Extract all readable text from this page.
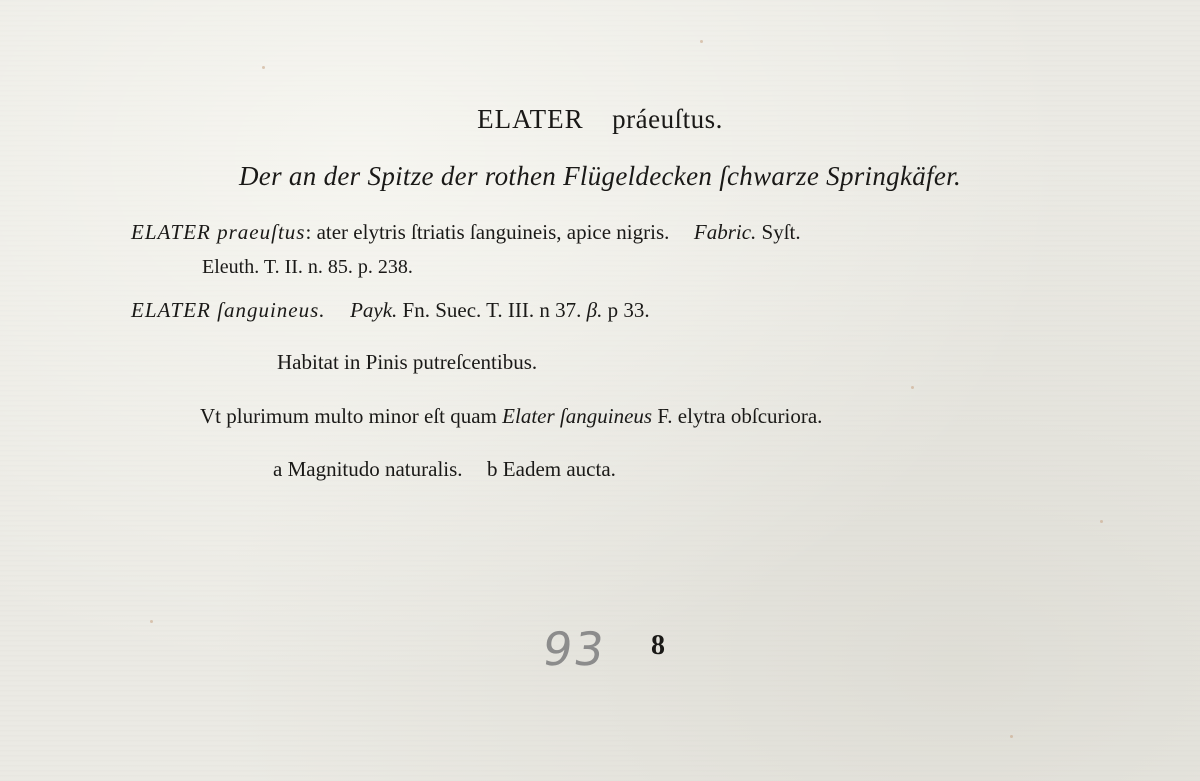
ELATER práeuſtus.
Der an der Spitze der rothen Flügeldecken ſchwarze Springkäfer.
ELATER praeuſtus: ater elytris ſtriatis ſanguineis, apice nigris. Fabric. Syſt.
Eleuth. T. II. n. 85. p. 238.
ELATER ſanguineus. Payk. Fn. Suec. T. III. n 37. β. p 33.
Habitat in Pinis putreſcentibus.
Vt plurimum multo minor eſt quam Elater ſanguineus F. elytra obſcuriora.
a Magnitudo naturalis. b Eadem aucta.
93 8
